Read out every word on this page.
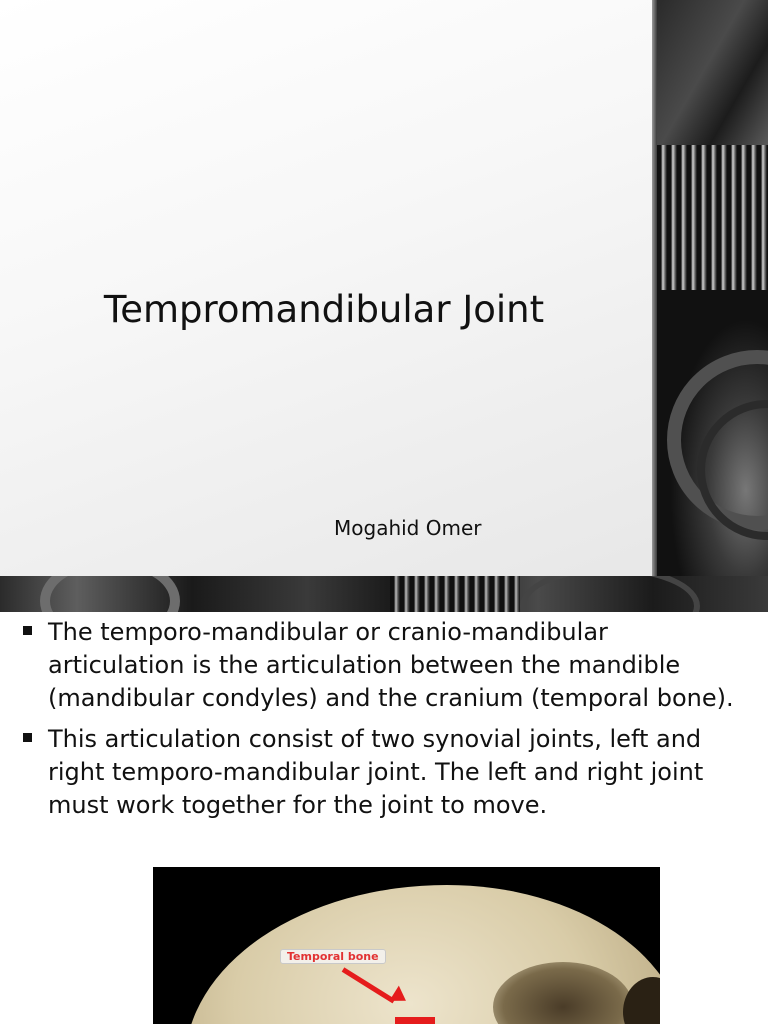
Tempromandibular Joint
Mogahid Omer
The temporo-mandibular or cranio-mandibular articulation is the articulation between the mandible (mandibular condyles) and the cranium (temporal bone).
This articulation consist of two synovial joints, left and right temporo-mandibular joint. The left and right joint must work together for the joint to move.
Temporal bone
